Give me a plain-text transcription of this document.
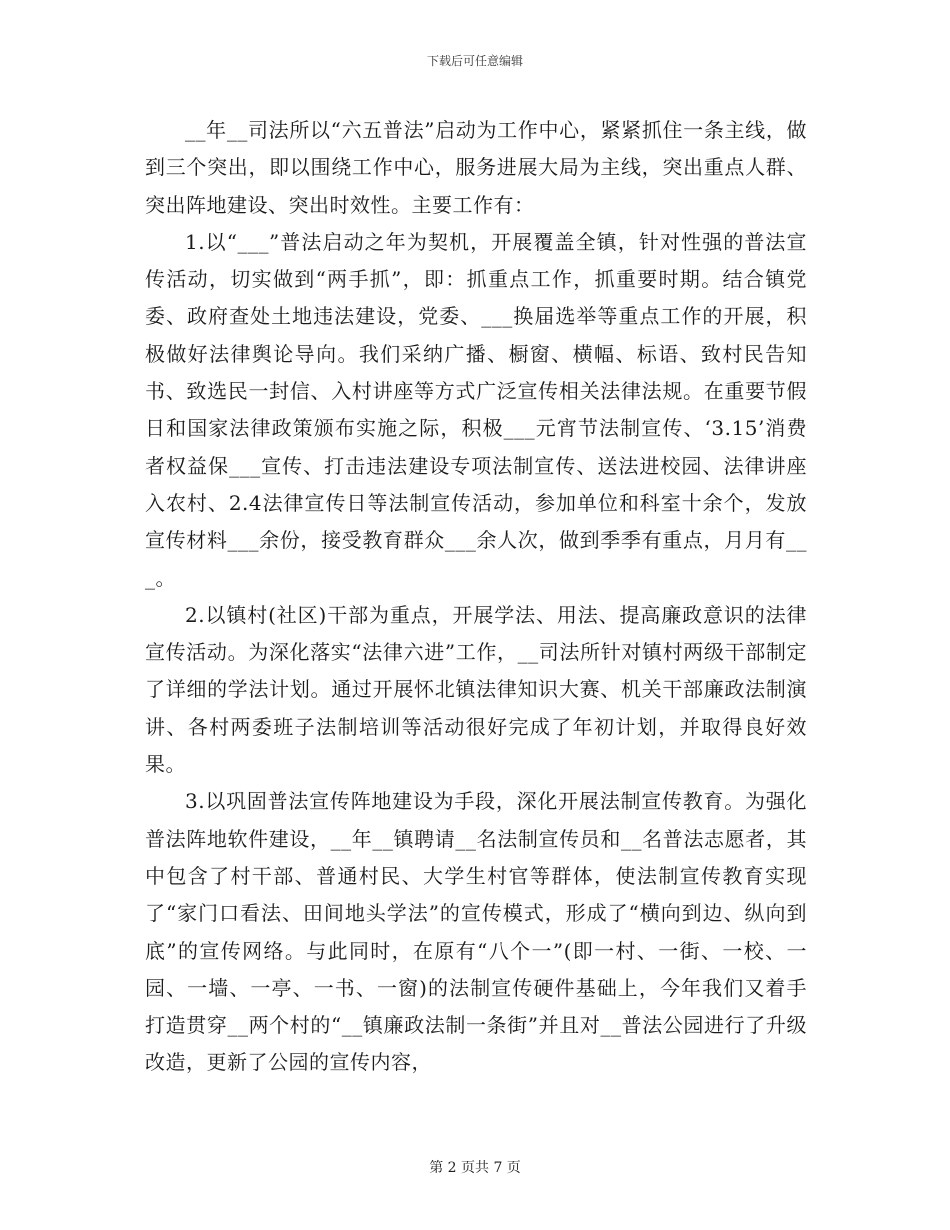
下载后可任意编辑

__年__司法所以“六五普法”启动为工作中心，紧紧抓住一条主线，做到三个突出，即以围绕工作中心，服务进展大局为主线，突出重点人群、突出阵地建设、突出时效性。主要工作有：

1.以“___”普法启动之年为契机，开展覆盖全镇，针对性强的普法宣传活动，切实做到“两手抓”，即：抓重点工作，抓重要时期。结合镇党委、政府查处土地违法建设，党委、___换届选举等重点工作的开展，积极做好法律舆论导向。我们采纳广播、橱窗、横幅、标语、致村民告知书、致选民一封信、入村讲座等方式广泛宣传相关法律法规。在重要节假日和国家法律政策颁布实施之际，积极___元宵节法制宣传、‘3.15’消费者权益保___宣传、打击违法建设专项法制宣传、送法进校园、法律讲座入农村、2.4法律宣传日等法制宣传活动，参加单位和科室十余个，发放宣传材料___余份，接受教育群众___余人次，做到季季有重点，月月有___。

2.以镇村(社区)干部为重点，开展学法、用法、提高廉政意识的法律宣传活动。为深化落实“法律六进”工作，__司法所针对镇村两级干部制定了详细的学法计划。通过开展怀北镇法律知识大赛、机关干部廉政法制演讲、各村两委班子法制培训等活动很好完成了年初计划，并取得良好效果。

3.以巩固普法宣传阵地建设为手段，深化开展法制宣传教育。为强化普法阵地软件建设，__年__镇聘请__名法制宣传员和__名普法志愿者，其中包含了村干部、普通村民、大学生村官等群体，使法制宣传教育实现了“家门口看法、田间地头学法”的宣传模式，形成了“横向到边、纵向到底”的宣传网络。与此同时，在原有“八个一”(即一村、一街、一校、一园、一墙、一亭、一书、一窗)的法制宣传硬件基础上，今年我们又着手打造贯穿__两个村的“__镇廉政法制一条街”并且对__普法公园进行了升级改造，更新了公园的宣传内容，

第 2 页共 7 页
